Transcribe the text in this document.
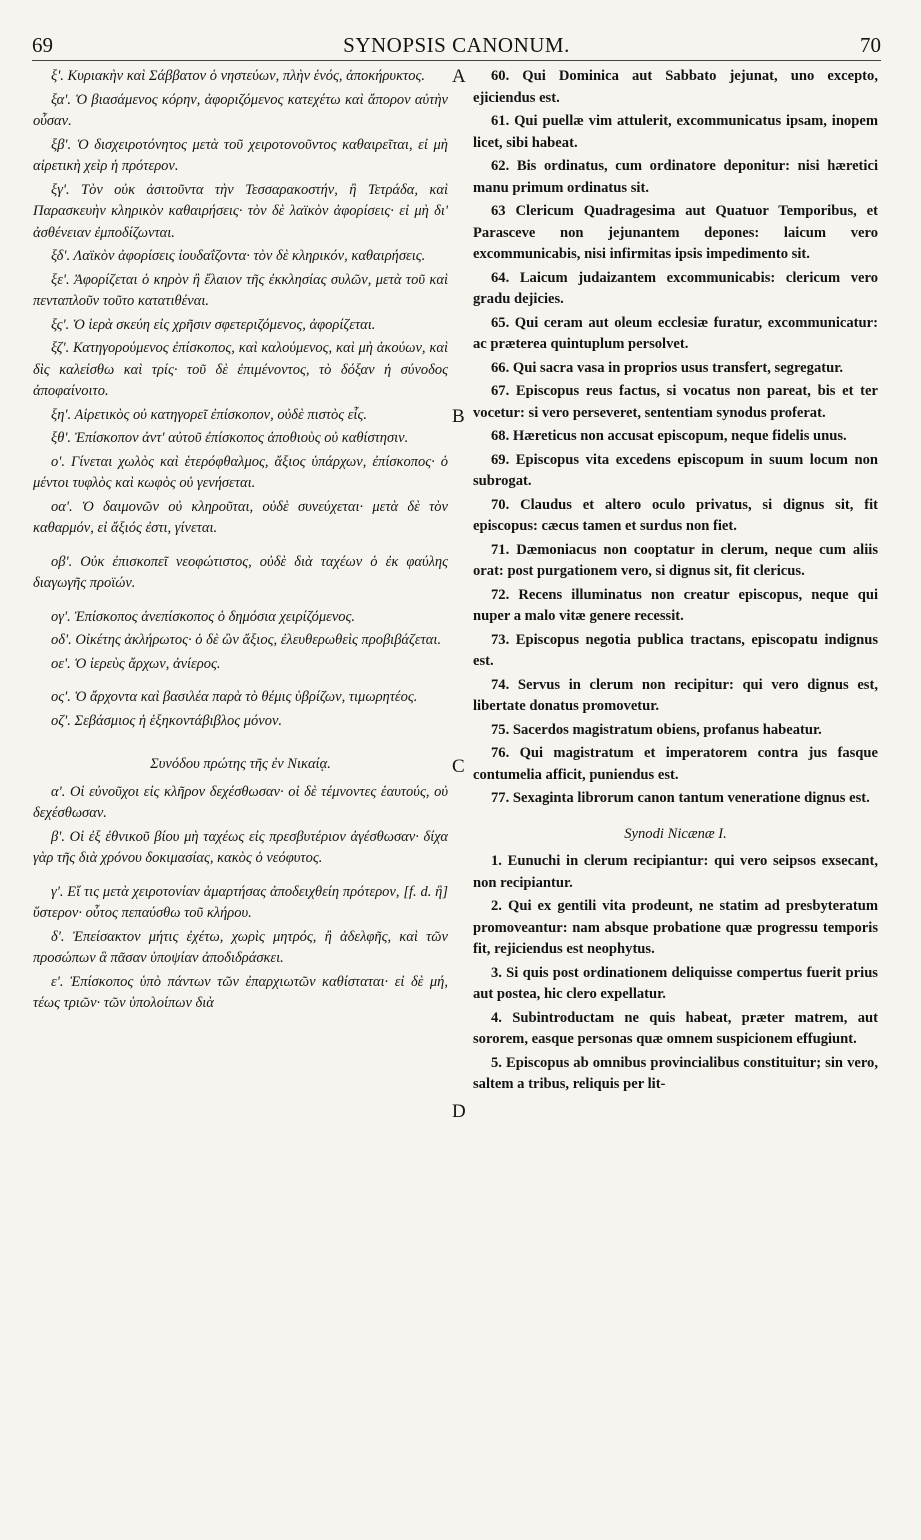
69	SYNOPSIS CANONUM.	70
A
B
C
D

ξ'. Κυριακὴν καὶ Σάββατον ὁ νηστεύων, πλὴν ἑνός, ἀποκήρυκτος.

ξα'. Ὁ βιασάμενος κόρην, ἀφοριζόμενος κατεχέτω καὶ ἄπορον αὐτὴν οὖσαν.

ξβ'. Ὁ δισχειροτόνητος μετὰ τοῦ χειροτονοῦντος καθαιρεῖται, εἰ μὴ αἱρετικὴ χεὶρ ἡ πρότερον.

ξγ'. Τὸν οὐκ ἀσιτοῦντα τὴν Τεσσαρακοστήν, ἢ Τετράδα, καὶ Παρασκευὴν κληρικὸν καθαιρήσεις· τὸν δὲ λαϊκὸν ἀφορίσεις· εἰ μὴ δι' ἀσθένειαν ἐμποδίζωνται.

ξδ'. Λαϊκὸν ἀφορίσεις ἰουδαΐζοντα· τὸν δὲ κληρικόν, καθαιρήσεις.

ξε'. Ἀφορίζεται ὁ κηρὸν ἢ ἔλαιον τῆς ἐκκλησίας συλῶν, μετὰ τοῦ καὶ πενταπλοῦν τοῦτο κατατιθέναι.

ξς'. Ὁ ἱερὰ σκεύη εἰς χρῆσιν σφετεριζόμενος, ἀφορίζεται.

ξζ'. Κατηγορούμενος ἐπίσκοπος, καὶ καλούμενος, καὶ μὴ ἀκούων, καὶ δὶς καλείσθω καὶ τρίς· τοῦ δὲ ἐπιμένοντος, τὸ δόξαν ἡ σύνοδος ἀποφαίνοιτο.

ξη'. Αἱρετικὸς οὐ κατηγορεῖ ἐπίσκοπον, οὐδὲ πιστὸς εἷς.

ξθ'. Ἐπίσκοπον ἀντ' αὐτοῦ ἐπίσκοπος ἀποθιοὺς οὐ καθίστησιν.

ο'. Γίνεται χωλὸς καὶ ἑτερόφθαλμος, ἄξιος ὑπάρχων, ἐπίσκοπος· ὁ μέντοι τυφλὸς καὶ κωφὸς οὐ γενήσεται.

οα'. Ὁ δαιμονῶν οὐ κληροῦται, οὐδὲ συνεύχεται· μετὰ δὲ τὸν καθαρμόν, εἰ ἄξιός ἐστι, γίνεται.

οβ'. Οὐκ ἐπισκοπεῖ νεοφώτιστος, οὐδὲ διὰ ταχέων ὁ ἐκ φαύλης διαγωγῆς προϊών.

ογ'. Ἐπίσκοπος ἀνεπίσκοπος ὁ δημόσια χειρίζόμενος.

οδ'. Οἰκέτης ἀκλήρωτος· ὁ δὲ ὢν ἄξιος, ἐλευθερωθεὶς προβιβάζεται.

οε'. Ὁ ἱερεὺς ἄρχων, ἀνίερος.

ος'. Ὁ ἄρχοντα καὶ βασιλέα παρὰ τὸ θέμις ὑβρίζων, τιμωρητέος.

οζ'. Σεβάσμιος ἡ ἑξηκοντάβιβλος μόνον.

Συνόδου πρώτης τῆς ἐν Νικαίᾳ.

α'. Οἱ εὐνοῦχοι εἰς κλῆρον δεχέσθωσαν· οἱ δὲ τέμνοντες ἑαυτούς, οὐ δεχέσθωσαν.

β'. Οἱ ἐξ ἐθνικοῦ βίου μὴ ταχέως εἰς πρεσβυτέριον ἀγέσθωσαν· δίχα γὰρ τῆς διὰ χρόνου δοκιμασίας, κακὸς ὁ νεόφυτος.

γ'. Εἴ τις μετὰ χειροτονίαν ἁμαρτήσας ἀποδειχθείη πρότερον, [f. d. ἢ] ὕστερον· οὗτος πεπαύσθω τοῦ κλήρου.

δ'. Ἐπείσακτον μήτις ἐχέτω, χωρὶς μητρός, ἢ ἀδελφῆς, καὶ τῶν προσώπων ἃ πᾶσαν ὑποψίαν ἀποδιδράσκει.

ε'. Ἐπίσκοπος ὑπὸ πάντων τῶν ἐπαρχιωτῶν καθίσταται· εἰ δὲ μή, τέως τριῶν· τῶν ὑπολοίπων διὰ

60. Qui Dominica aut Sabbato jejunat, uno excepto, ejiciendus est.

61. Qui puellæ vim attulerit, excommunicatus ipsam, inopem licet, sibi habeat.

62. Bis ordinatus, cum ordinatore deponitur: nisi hæretici manu primum ordinatus sit.

63 Clericum Quadragesima aut Quatuor Temporibus, et Parasceve non jejunantem depones: laicum vero excommunicabis, nisi infirmitas ipsis impedimento sit.

64. Laicum judaizantem excommunicabis: clericum vero gradu dejicies.

65. Qui ceram aut oleum ecclesiæ furatur, excommunicatur: ac præterea quintuplum persolvet.

66. Qui sacra vasa in proprios usus transfert, segregatur.

67. Episcopus reus factus, si vocatus non pareat, bis et ter vocetur: si vero perseveret, sententiam synodus proferat.

68. Hæreticus non accusat episcopum, neque fidelis unus.

69. Episcopus vita excedens episcopum in suum locum non subrogat.

70. Claudus et altero oculo privatus, si dignus sit, fit episcopus: cæcus tamen et surdus non fiet.

71. Dæmoniacus non cooptatur in clerum, neque cum aliis orat: post purgationem vero, si dignus sit, fit clericus.

72. Recens illuminatus non creatur episcopus, neque qui nuper a malo vitæ genere recessit.

73. Episcopus negotia publica tractans, episcopatu indignus est.

74. Servus in clerum non recipitur: qui vero dignus est, libertate donatus promovetur.

75. Sacerdos magistratum obiens, profanus habeatur.

76. Qui magistratum et imperatorem contra jus fasque contumelia afficit, puniendus est.

77. Sexaginta librorum canon tantum veneratione dignus est.

Synodi Nicænæ I.

1. Eunuchi in clerum recipiantur: qui vero seipsos exsecant, non recipiantur.

2. Qui ex gentili vita prodeunt, ne statim ad presbyteratum promoveantur: nam absque probatione quæ progressu temporis fit, rejiciendus est neophytus.

3. Si quis post ordinationem deliquisse compertus fuerit prius aut postea, hic clero expellatur.

4. Subintroductam ne quis habeat, præter matrem, aut sororem, easque personas quæ omnem suspicionem effugiunt.

5. Episcopus ab omnibus provincialibus constituitur; sin vero, saltem a tribus, reliquis per lit-
